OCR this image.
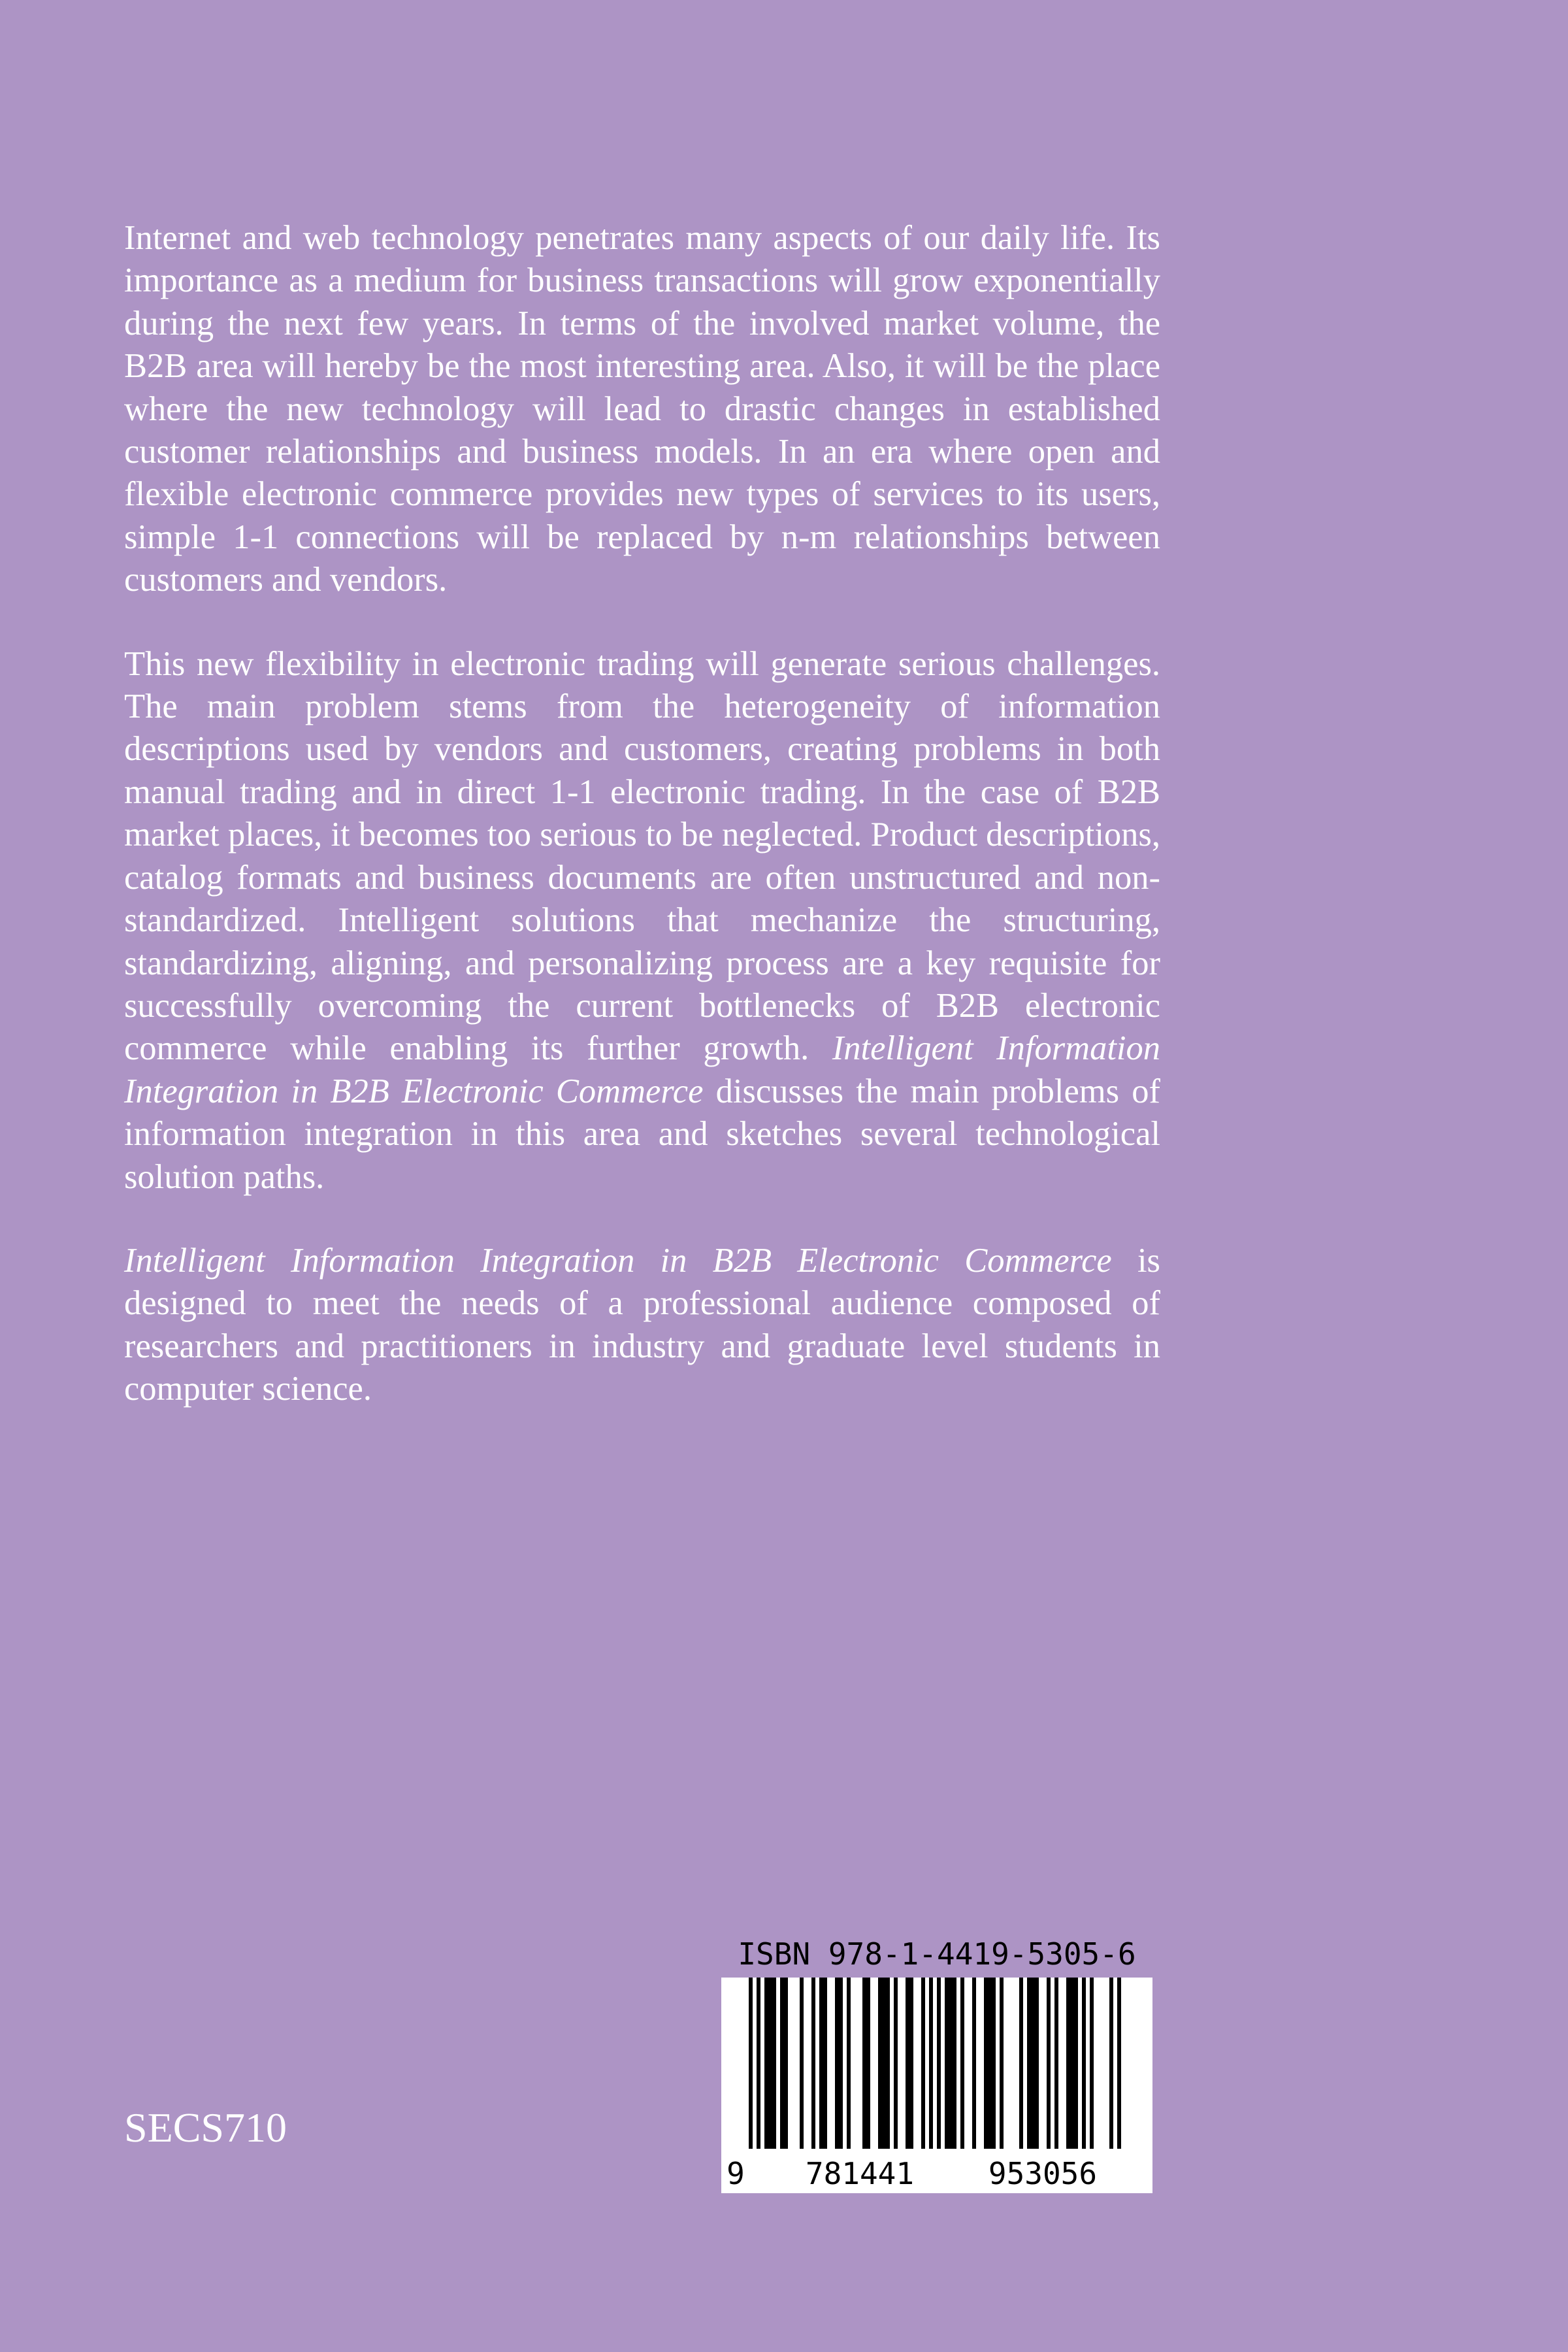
Internet and web technology penetrates many aspects of our daily life. Its importance as a medium for business transactions will grow exponentially during the next few years. In terms of the involved market volume, the B2B area will hereby be the most interesting area. Also, it will be the place where the new technology will lead to drastic changes in established customer relationships and business models. In an era where open and flexible electronic commerce provides new types of services to its users, simple 1-1 connections will be replaced by n-m relationships between customers and vendors.

This new flexibility in electronic trading will generate serious challenges. The main problem stems from the heterogeneity of information descriptions used by vendors and customers, creating problems in both manual trading and in direct 1-1 electronic trading. In the case of B2B market places, it becomes too serious to be neglected. Product descriptions, catalog formats and business documents are often unstructured and non-standardized. Intelligent solutions that mechanize the structuring, standardizing, aligning, and personalizing process are a key requisite for successfully overcoming the current bottlenecks of B2B electronic commerce while enabling its further growth. Intelligent Information Integration in B2B Electronic Commerce discusses the main problems of information integration in this area and sketches several technological solution paths.

Intelligent Information Integration in B2B Electronic Commerce is designed to meet the needs of a professional audience composed of researchers and practitioners in industry and graduate level students in computer science.

SECS710
ISBN 978-1-4419-5305-6
9 781441 953056
